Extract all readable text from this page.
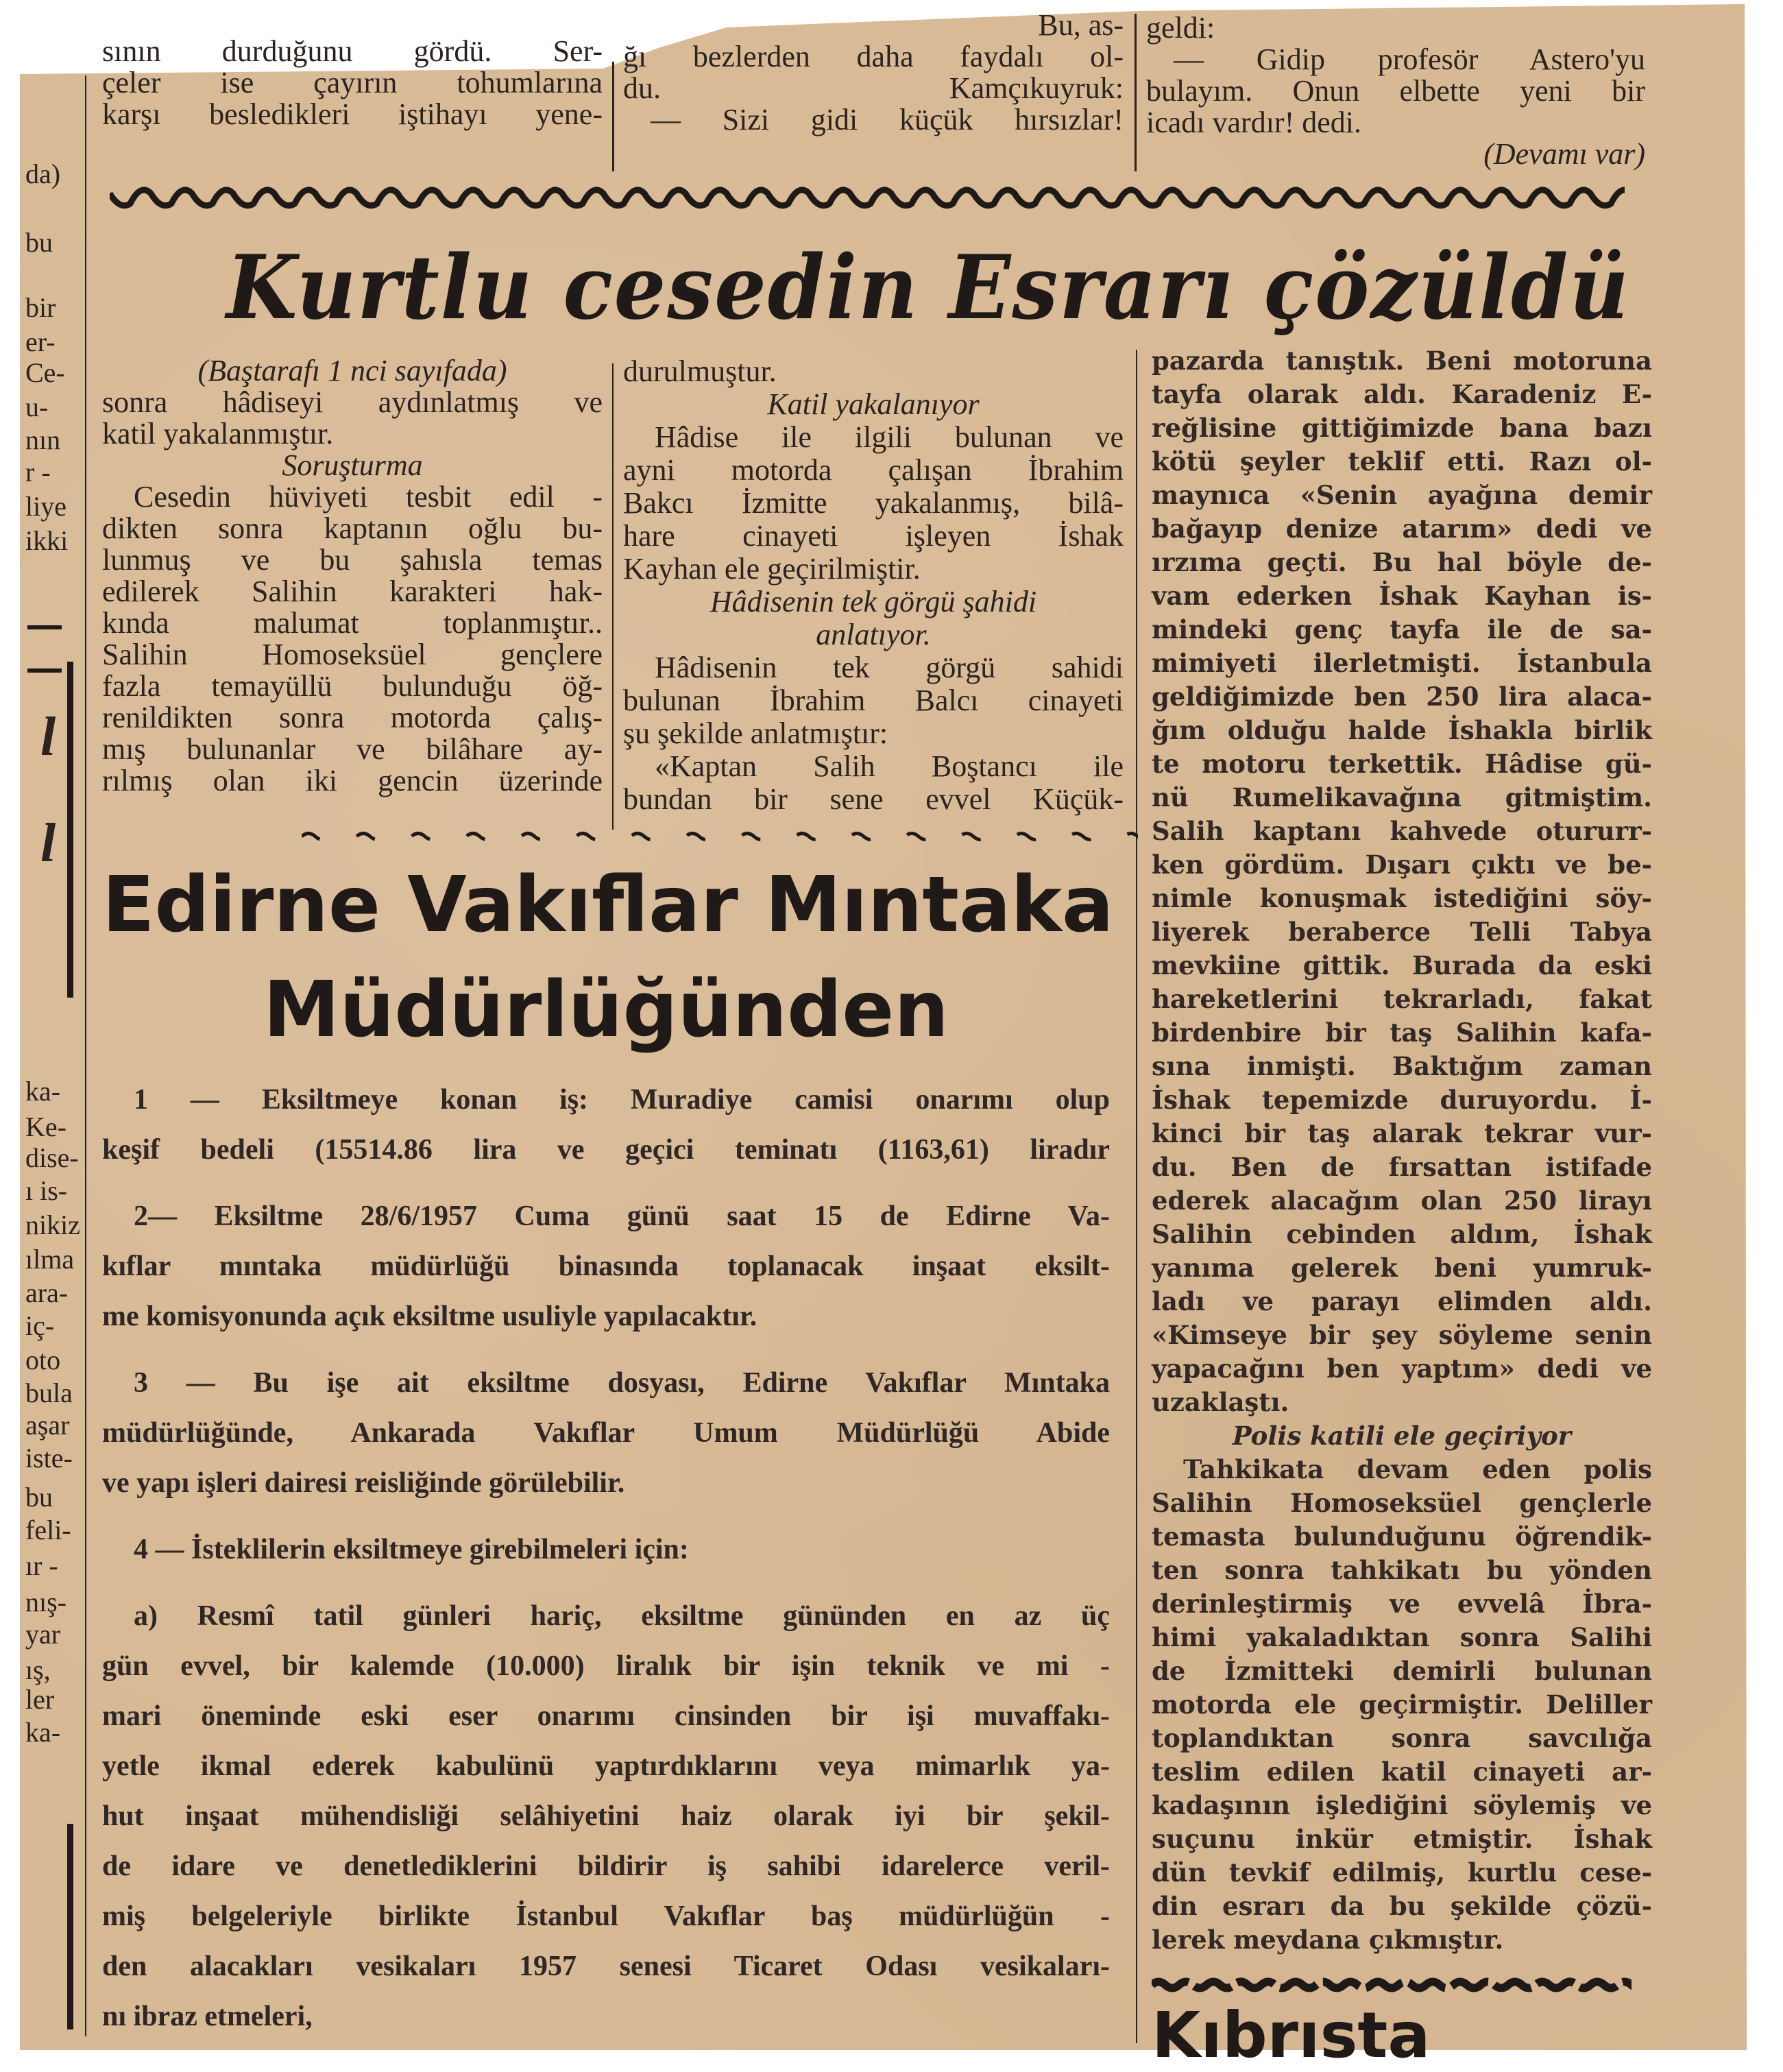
da)
bu
bir
er-
Ce-
u-
nın
r -
liye
ikki
l
l
ka-
Ke-
dise-
ı is-
nikiz
ılma
ara-
iç-
oto
bula
aşar
iste-
bu
feli-
ır -
nış-
yar
ış,
ler
ka-
sının durduğunu gördü. Ser-
çeler ise çayırın tohumlarına
karşı besledikleri iştihayı yene-
Bu, as-
ğı bezlerden daha faydalı ol-
du. Kamçıkuyruk:
— Sizi gidi küçük hırsızlar!
geldi:
— Gidip profesör Astero'yu
bulayım. Onun elbette yeni bir
icadı vardır! dedi.
(Devamı var)
Kurtlu cesedin Esrarı çözüldü
(Baştarafı 1 nci sayıfada)
sonra hâdiseyi aydınlatmış ve
katil yakalanmıştır.
Soruşturma
Cesedin hüviyeti tesbit edil -
dikten sonra kaptanın oğlu bu-
lunmuş ve bu şahısla temas
edilerek Salihin karakteri hak-
kında malumat toplanmıştır..
Salihin Homoseksüel gençlere
fazla temayüllü bulunduğu öğ-
renildikten sonra motorda çalış-
mış bulunanlar ve bilâhare ay-
rılmış olan iki gencin üzerinde
durulmuştur.
Katil yakalanıyor
Hâdise ile ilgili bulunan ve
ayni motorda çalışan İbrahim
Bakcı İzmitte yakalanmış, bilâ-
hare cinayeti işleyen İshak
Kayhan ele geçirilmiştir.
Hâdisenin tek görgü şahidi
anlatıyor.
Hâdisenin tek görgü sahidi
bulunan İbrahim Balcı cinayeti
şu şekilde anlatmıştır:
«Kaptan Salih Boştancı ile
bundan bir sene evvel Küçük-
pazarda tanıştık. Beni motoruna
tayfa olarak aldı. Karadeniz E-
reğlisine gittiğimizde bana bazı
kötü şeyler teklif etti. Razı ol-
maynıca «Senin ayağına demir
bağayıp denize atarım» dedi ve
ırzıma geçti. Bu hal böyle de-
vam ederken İshak Kayhan is-
mindeki genç tayfa ile de sa-
mimiyeti ilerletmişti. İstanbula
geldiğimizde ben 250 lira alaca-
ğım olduğu halde İshakla birlik
te motoru terkettik. Hâdise gü-
nü Rumelikavağına gitmiştim.
Salih kaptanı kahvede otururr-
ken gördüm. Dışarı çıktı ve be-
nimle konuşmak istediğini söy-
liyerek beraberce Telli Tabya
mevkiine gittik. Burada da eski
hareketlerini tekrarladı, fakat
birdenbire bir taş Salihin kafa-
sına inmişti. Baktığım zaman
İshak tepemizde duruyordu. İ-
kinci bir taş alarak tekrar vur-
du. Ben de fırsattan istifade
ederek alacağım olan 250 lirayı
Salihin cebinden aldım, İshak
yanıma gelerek beni yumruk-
ladı ve parayı elimden aldı.
«Kimseye bir şey söyleme senin
yapacağını ben yaptım» dedi ve
uzaklaştı.
Polis katili ele geçiriyor
Tahkikata devam eden polis
Salihin Homoseksüel gençlerle
temasta bulunduğunu öğrendik-
ten sonra tahkikatı bu yönden
derinleştirmiş ve evvelâ İbra-
himi yakaladıktan sonra Salihi
de İzmitteki demirli bulunan
motorda ele geçirmiştir. Deliller
toplandıktan sonra savcılığa
teslim edilen katil cinayeti ar-
kadaşının işlediğini söylemiş ve
suçunu inkür etmiştir. İshak
dün tevkif edilmiş, kurtlu cese-
din esrarı da bu şekilde çözü-
lerek meydana çıkmıştır.
Edirne Vakıflar Mıntaka
Müdürlüğünden
1 — Eksiltmeye konan iş: Muradiye camisi onarımı olup
keşif bedeli (15514.86 lira ve geçici teminatı (1163,61) liradır
2— Eksiltme 28/6/1957 Cuma günü saat 15 de Edirne Va-
kıflar mıntaka müdürlüğü binasında toplanacak inşaat eksilt-
me komisyonunda açık eksiltme usuliyle yapılacaktır.
3 — Bu işe ait eksiltme dosyası, Edirne Vakıflar Mıntaka
müdürlüğünde, Ankarada Vakıflar Umum Müdürlüğü Abide
ve yapı işleri dairesi reisliğinde görülebilir.
4 — İsteklilerin eksiltmeye girebilmeleri için:
a) Resmî tatil günleri hariç, eksiltme gününden en az üç
gün evvel, bir kalemde (10.000) liralık bir işin teknik ve mi -
mari öneminde eski eser onarımı cinsinden bir işi muvaffakı-
yetle ikmal ederek kabulünü yaptırdıklarını veya mimarlık ya-
hut inşaat mühendisliği selâhiyetini haiz olarak iyi bir şekil-
de idare ve denetlediklerini bildirir iş sahibi idarelerce veril-
miş belgeleriyle birlikte İstanbul Vakıflar baş müdürlüğün -
den alacakları vesikaları 1957 senesi Ticaret Odası vesikaları-
nı ibraz etmeleri,	Kıbrısta
